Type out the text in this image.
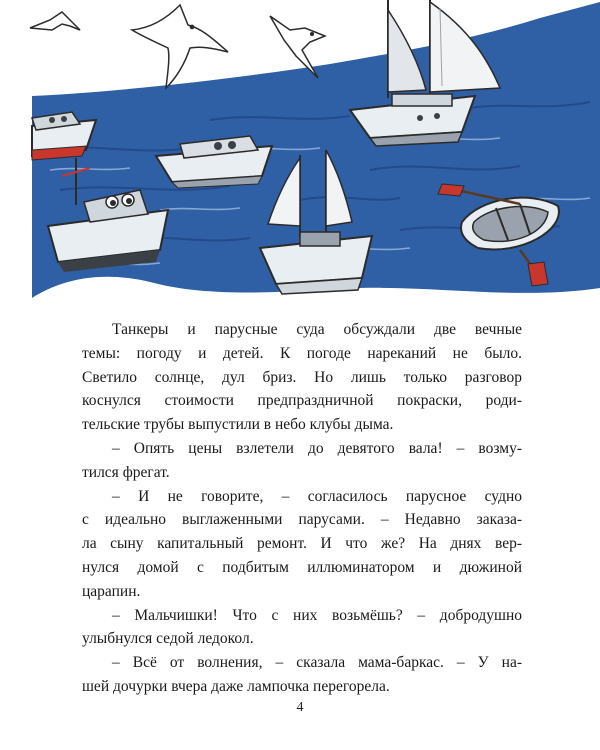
Танкеры и парусные суда обсуждали две вечные
темы: погоду и детей. К погоде нареканий не было.
Светило солнце, дул бриз. Но лишь только разговор
коснулся стоимости предпраздничной покраски, роди-
тельские трубы выпустили в небо клубы дыма.
– Опять цены взлетели до девятого вала! – возму-
тился фрегат.
– И не говорите, – согласилось парусное судно
с идеально выглаженными парусами. – Недавно заказа-
ла сыну капитальный ремонт. И что же? На днях вер-
нулся домой с подбитым иллюминатором и дюжиной
царапин.
– Мальчишки! Что с них возьмёшь? – добродушно
улыбнулся седой ледокол.
– Всё от волнения, – сказала мама-баркас. – У на-
шей дочурки вчера даже лампочка перегорела.
4
